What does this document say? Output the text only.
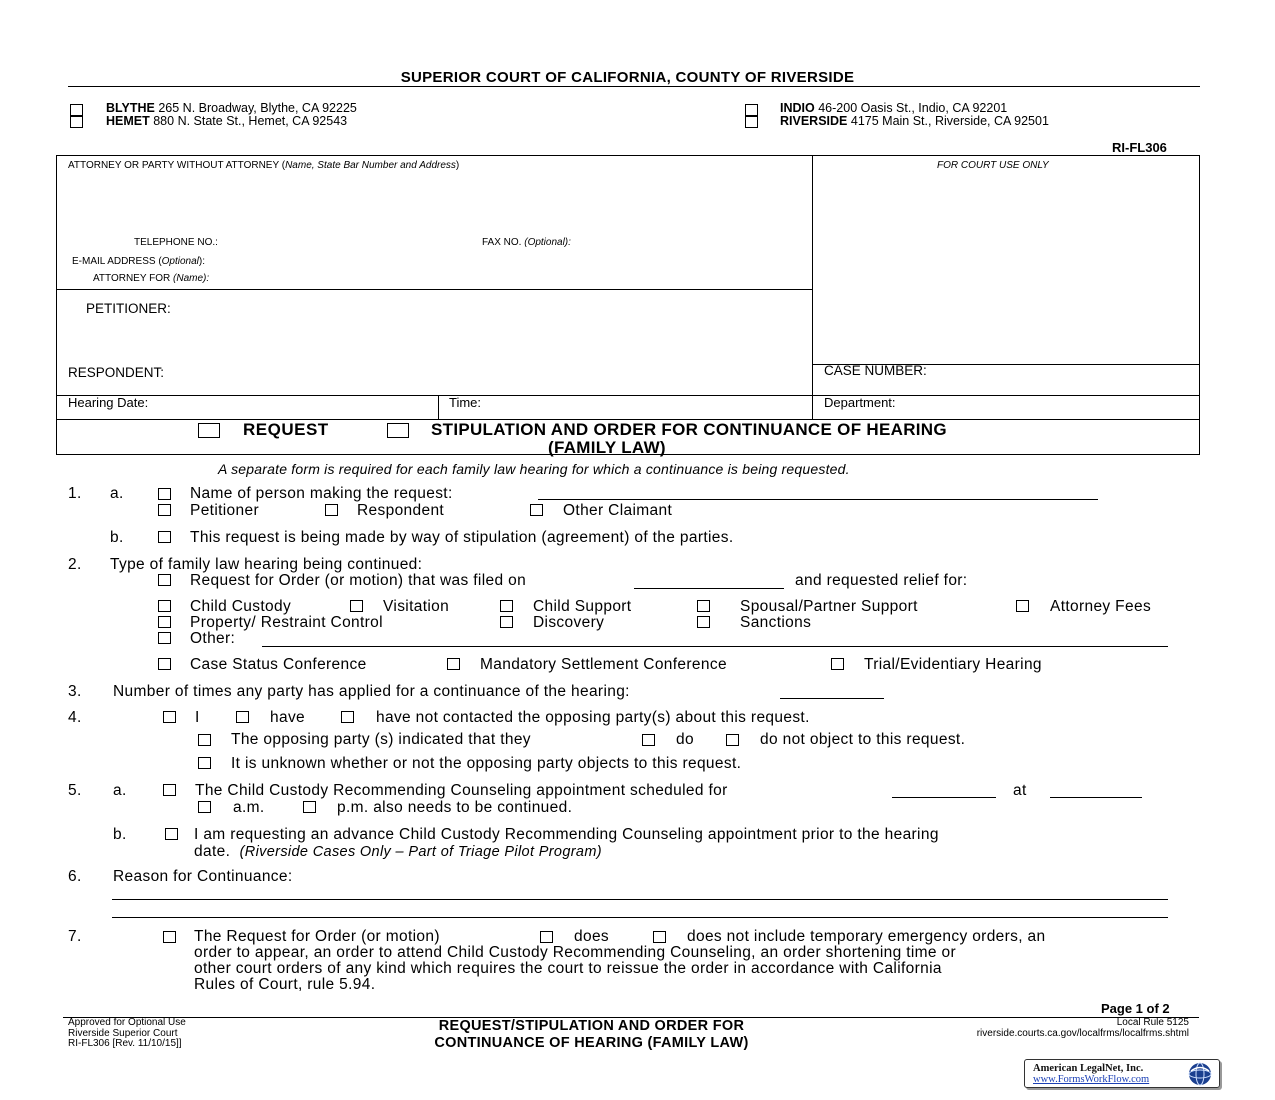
SUPERIOR COURT OF CALIFORNIA, COUNTY OF RIVERSIDE
BLYTHE 265 N. Broadway, Blythe, CA 92225
HEMET 880 N. State St., Hemet, CA 92543
INDIO 46-200 Oasis St., Indio, CA 92201
RIVERSIDE 4175 Main St., Riverside, CA 92501
RI-FL306
ATTORNEY OR PARTY WITHOUT ATTORNEY (Name, State Bar Number and Address)	FOR COURT USE ONLY
TELEPHONE NO.:	FAX NO. (Optional):
E-MAIL ADDRESS (Optional):
ATTORNEY FOR (Name):
PETITIONER:
RESPONDENT:	CASE NUMBER:
Hearing Date:	Time:	Department:
REQUEST	STIPULATION AND ORDER FOR CONTINUANCE OF HEARING
(FAMILY LAW)
A separate form is required for each family law hearing for which a continuance is being requested.
1. a.	Name of person making the request:
Petitioner	Respondent	Other Claimant
b.	This request is being made by way of stipulation (agreement) of the parties.
2. Type of family law hearing being continued:
Request for Order (or motion) that was filed on	and requested relief for:
Child Custody	Visitation	Child Support	Spousal/Partner Support	Attorney Fees
Property/ Restraint Control	Discovery	Sanctions
Other:
Case Status Conference	Mandatory Settlement Conference	Trial/Evidentiary Hearing
3. Number of times any party has applied for a continuance of the hearing:
4.	I	have	have not contacted the opposing party(s) about this request.
The opposing party (s) indicated that they	do	do not object to this request.
It is unknown whether or not the opposing party objects to this request.
5. a.	The Child Custody Recommending Counseling appointment scheduled for	at
a.m.	p.m. also needs to be continued.
b.	I am requesting an advance Child Custody Recommending Counseling appointment prior to the hearing
date. (Riverside Cases Only – Part of Triage Pilot Program)
6. Reason for Continuance:
7.	The Request for Order (or motion)	does	does not include temporary emergency orders, an
order to appear, an order to attend Child Custody Recommending Counseling, an order shortening time or
other court orders of any kind which requires the court to reissue the order in accordance with California
Rules of Court, rule 5.94.
Page 1 of 2
Approved for Optional Use
Riverside Superior Court
RI-FL306 [Rev. 11/10/15]]
REQUEST/STIPULATION AND ORDER FOR
CONTINUANCE OF HEARING (FAMILY LAW)
Local Rule 5125
riverside.courts.ca.gov/localfrms/localfrms.shtml
American LegalNet, Inc.
www.FormsWorkFlow.com
